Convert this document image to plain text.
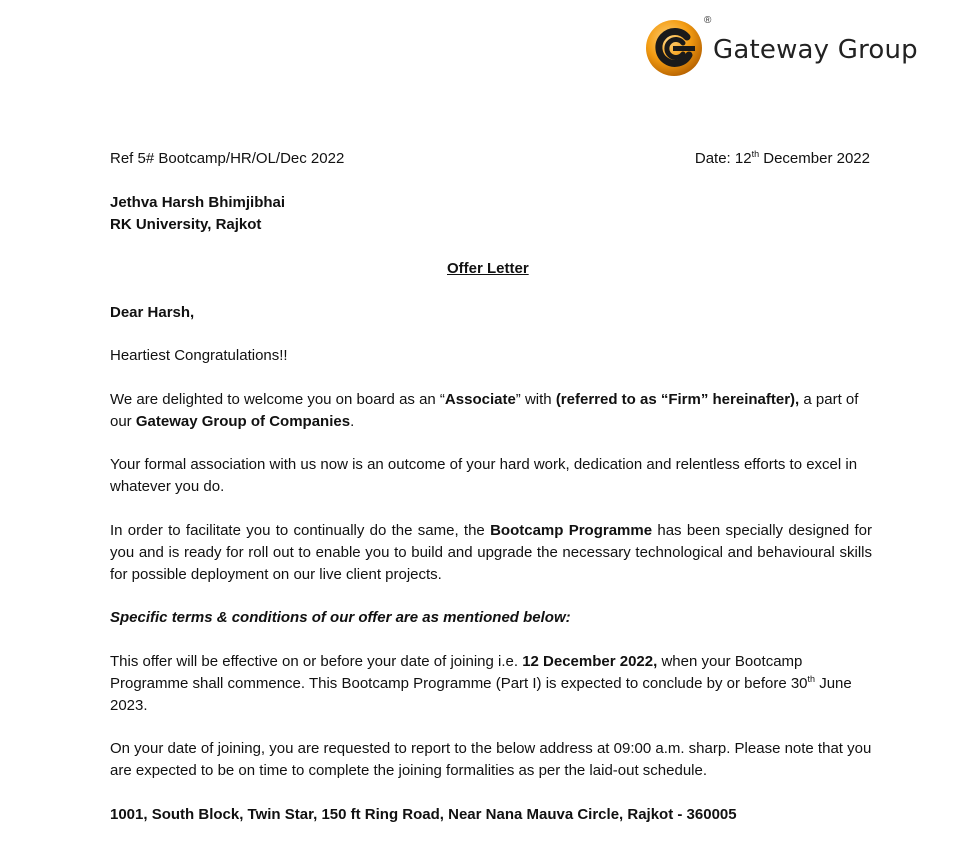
®
Gateway Group
Ref 5# Bootcamp/HR/OL/Dec 2022	Date: 12th December 2022
Jethva Harsh Bhimjibhai
RK University, Rajkot
Offer Letter
Dear Harsh,
Heartiest Congratulations!!
We are delighted to welcome you on board as an “Associate” with (referred to as “Firm” hereinafter), a part of our Gateway Group of Companies.
Your formal association with us now is an outcome of your hard work, dedication and relentless efforts to excel in whatever you do.
In order to facilitate you to continually do the same, the Bootcamp Programme has been specially designed for you and is ready for roll out to enable you to build and upgrade the necessary technological and behavioural skills for possible deployment on our live client projects.
Specific terms & conditions of our offer are as mentioned below:
This offer will be effective on or before your date of joining i.e. 12 December 2022, when your Bootcamp Programme shall commence. This Bootcamp Programme (Part I) is expected to conclude by or before 30th June 2023.
On your date of joining, you are requested to report to the below address at 09:00 a.m. sharp. Please note that you are expected to be on time to complete the joining formalities as per the laid-out schedule.
1001, South Block, Twin Star, 150 ft Ring Road, Near Nana Mauva Circle, Rajkot - 360005
